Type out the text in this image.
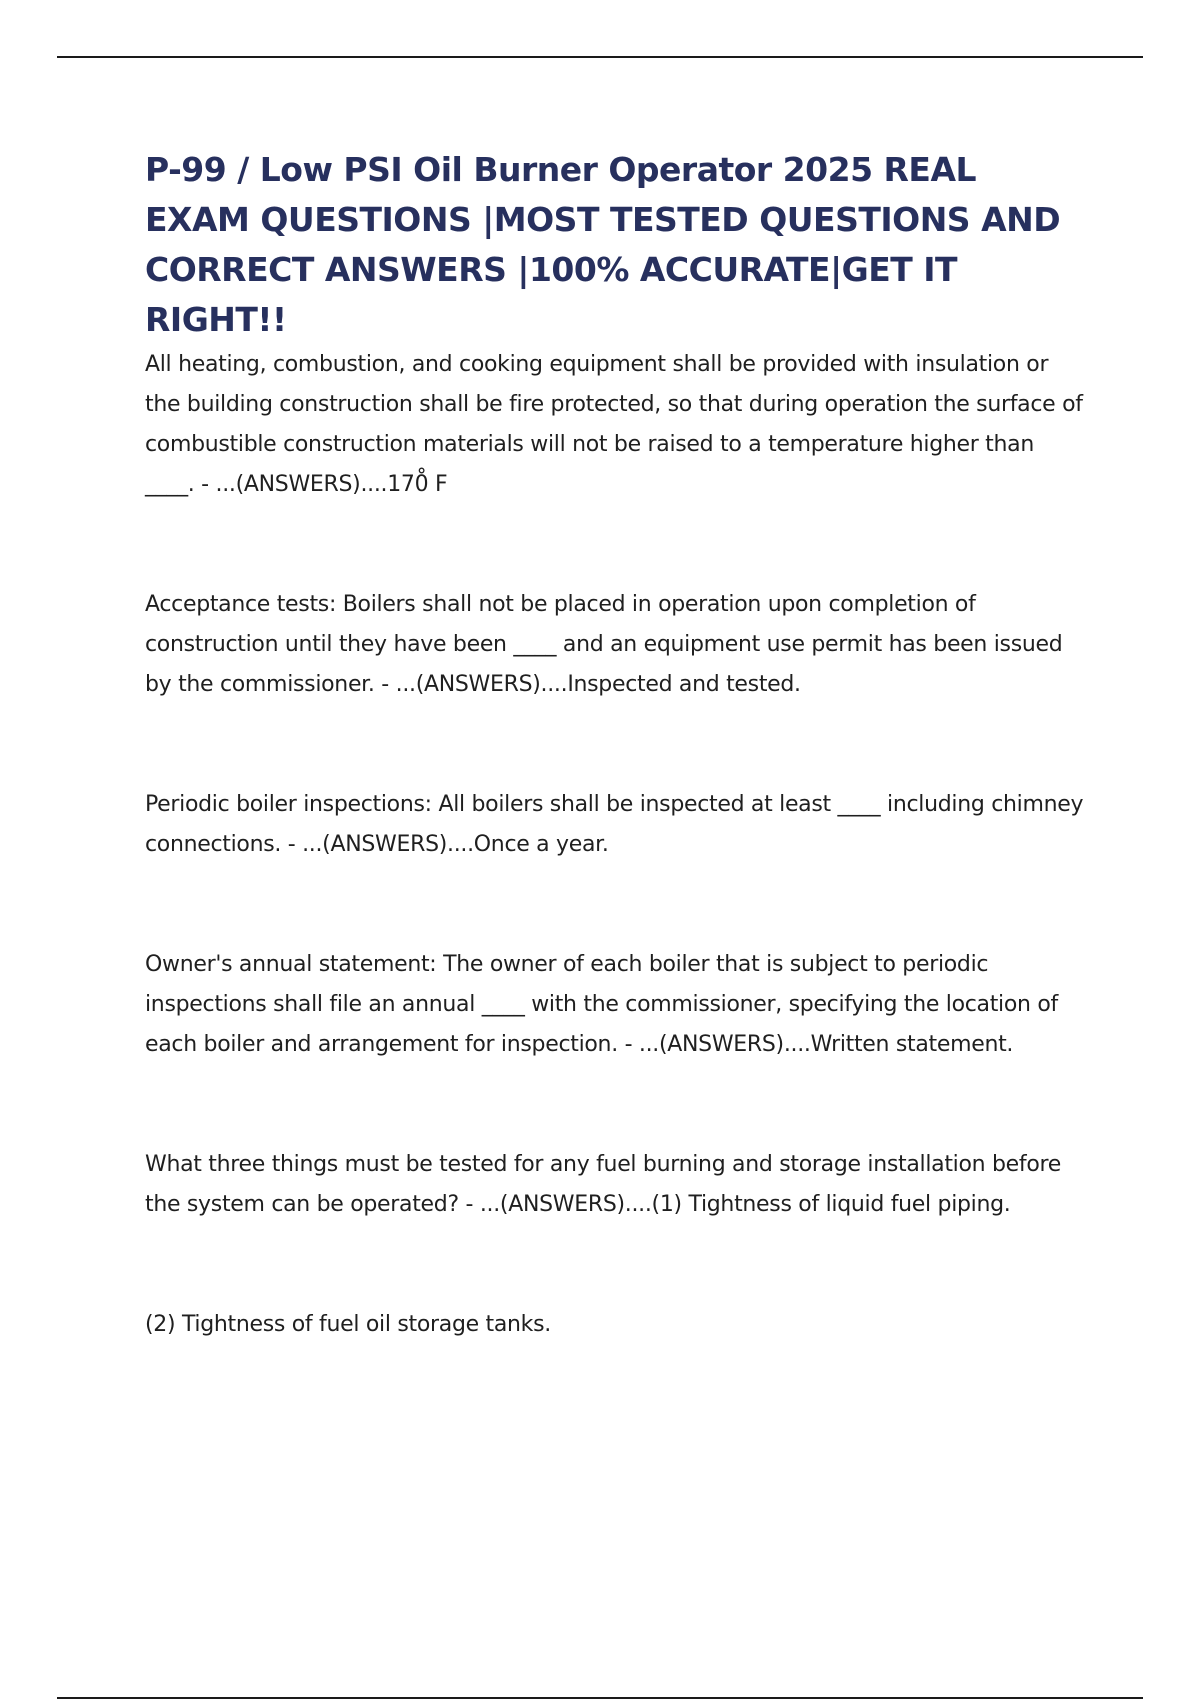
P-99 / Low PSI Oil Burner Operator 2025 REAL EXAM QUESTIONS |MOST TESTED QUESTIONS AND CORRECT ANSWERS |100% ACCURATE|GET IT RIGHT!!

All heating, combustion, and cooking equipment shall be provided with insulation or the building construction shall be fire protected, so that during operation the surface of combustible construction materials will not be raised to a temperature higher than ____. - ...(ANSWERS)....170̊ F

Acceptance tests: Boilers shall not be placed in operation upon completion of construction until they have been ____ and an equipment use permit has been issued by the commissioner. - ...(ANSWERS)....Inspected and tested.

Periodic boiler inspections: All boilers shall be inspected at least ____ including chimney connections. - ...(ANSWERS)....Once a year.

Owner's annual statement: The owner of each boiler that is subject to periodic inspections shall file an annual ____ with the commissioner, specifying the location of each boiler and arrangement for inspection. - ...(ANSWERS)....Written statement.

What three things must be tested for any fuel burning and storage installation before the system can be operated? - ...(ANSWERS)....(1) Tightness of liquid fuel piping.

(2) Tightness of fuel oil storage tanks.
